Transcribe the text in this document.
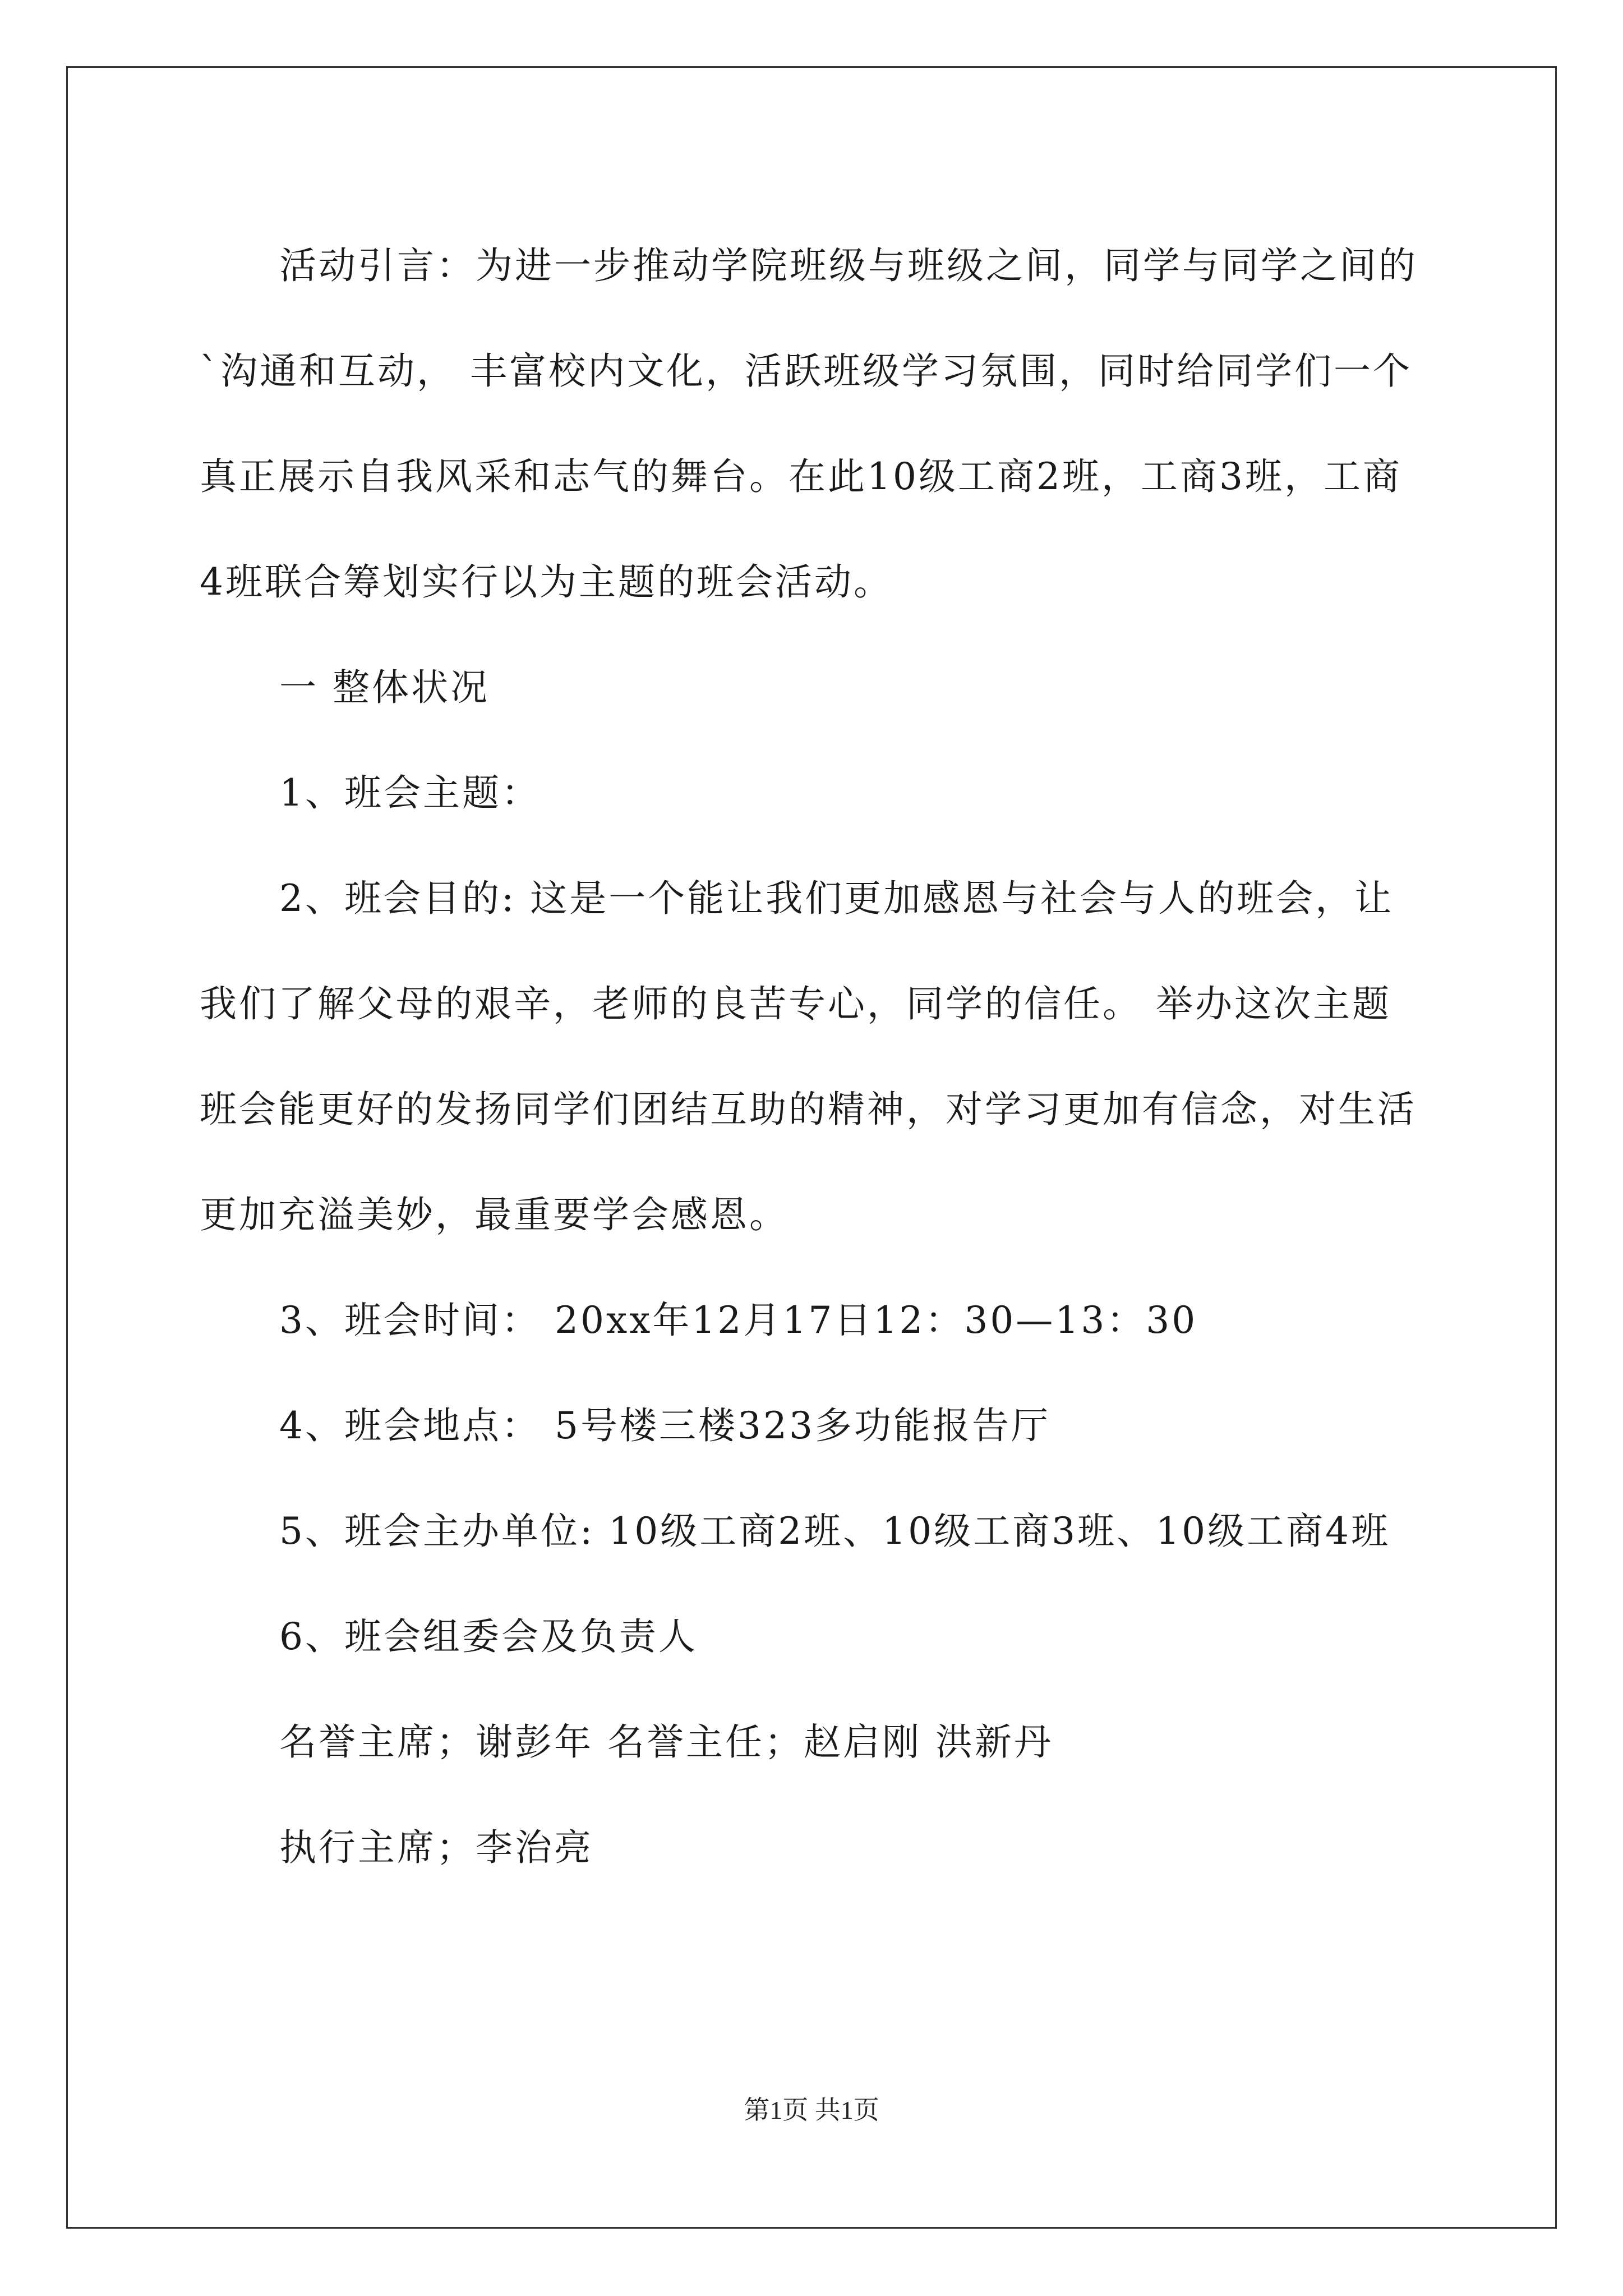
活动引言：为进一步推动学院班级与班级之间，同学与同学之间的`沟通和互动， 丰富校内文化，活跃班级学习氛围，同时给同学们一个真正展示自我风采和志气的舞台。在此10级工商2班，工商3班，工商4班联合筹划实行以为主题的班会活动。

一 整体状况

1、班会主题：

2、班会目的: 这是一个能让我们更加感恩与社会与人的班会，让我们了解父母的艰辛，老师的良苦专心，同学的信任。 举办这次主题班会能更好的发扬同学们团结互助的精神，对学习更加有信念，对生活更加充溢美妙，最重要学会感恩。

3、班会时间： 20xx年12月17日12：30—13：30

4、班会地点： 5号楼三楼323多功能报告厅

5、班会主办单位: 10级工商2班、10级工商3班、10级工商4班

6、班会组委会及负责人

名誉主席；谢彭年 名誉主任；赵启刚 洪新丹

执行主席；李治亮

第1页 共1页
